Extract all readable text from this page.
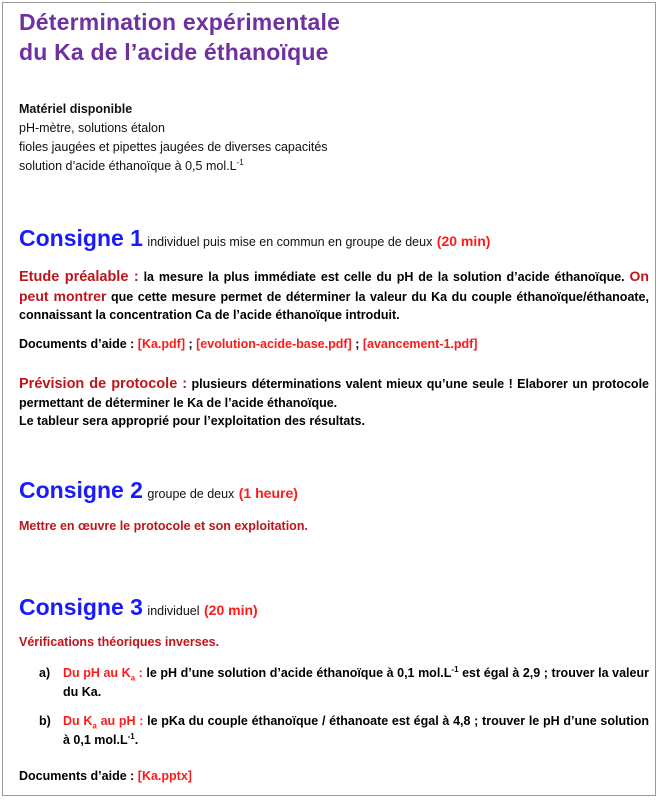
Détermination expérimentale
du Ka de l’acide éthanoïque
Matériel disponible
pH-mètre, solutions étalon
fioles jaugées et pipettes jaugées de diverses capacités
solution d’acide éthanoïque à 0,5 $mol.L^{-1}$
Consigne 1 individuel puis mise en commun en groupe de deux (20 min)
Etude préalable : la mesure la plus immédiate est celle du pH de la solution d’acide éthanoïque. On peut montrer que cette mesure permet de déterminer la valeur du Ka du couple éthanoïque/éthanoate, connaissant la concentration Ca de l’acide éthanoïque introduit.
Documents d’aide : [Ka.pdf] ; [evolution-acide-base.pdf] ; [avancement-1.pdf]
Prévision de protocole : plusieurs déterminations valent mieux qu’une seule ! Elaborer un protocole permettant de déterminer le Ka de l’acide éthanoïque.
Le tableur sera approprié pour l’exploitation des résultats.
Consigne 2 groupe de deux (1 heure)
Mettre en œuvre le protocole et son exploitation.
Consigne 3 individuel (20 min)
Vérifications théoriques inverses.
a) Du pH au $K_a$ : le pH d’une solution d’acide éthanoïque à 0,1 $mol.L^{-1}$ est égal à 2,9 ; trouver la valeur du Ka.
b) Du $K_a$ au pH : le pKa du couple éthanoïque / éthanoate est égal à 4,8 ; trouver le pH d’une solution à 0,1 $mol.L^{-1}$.
Documents d’aide : [Ka.pptx]
